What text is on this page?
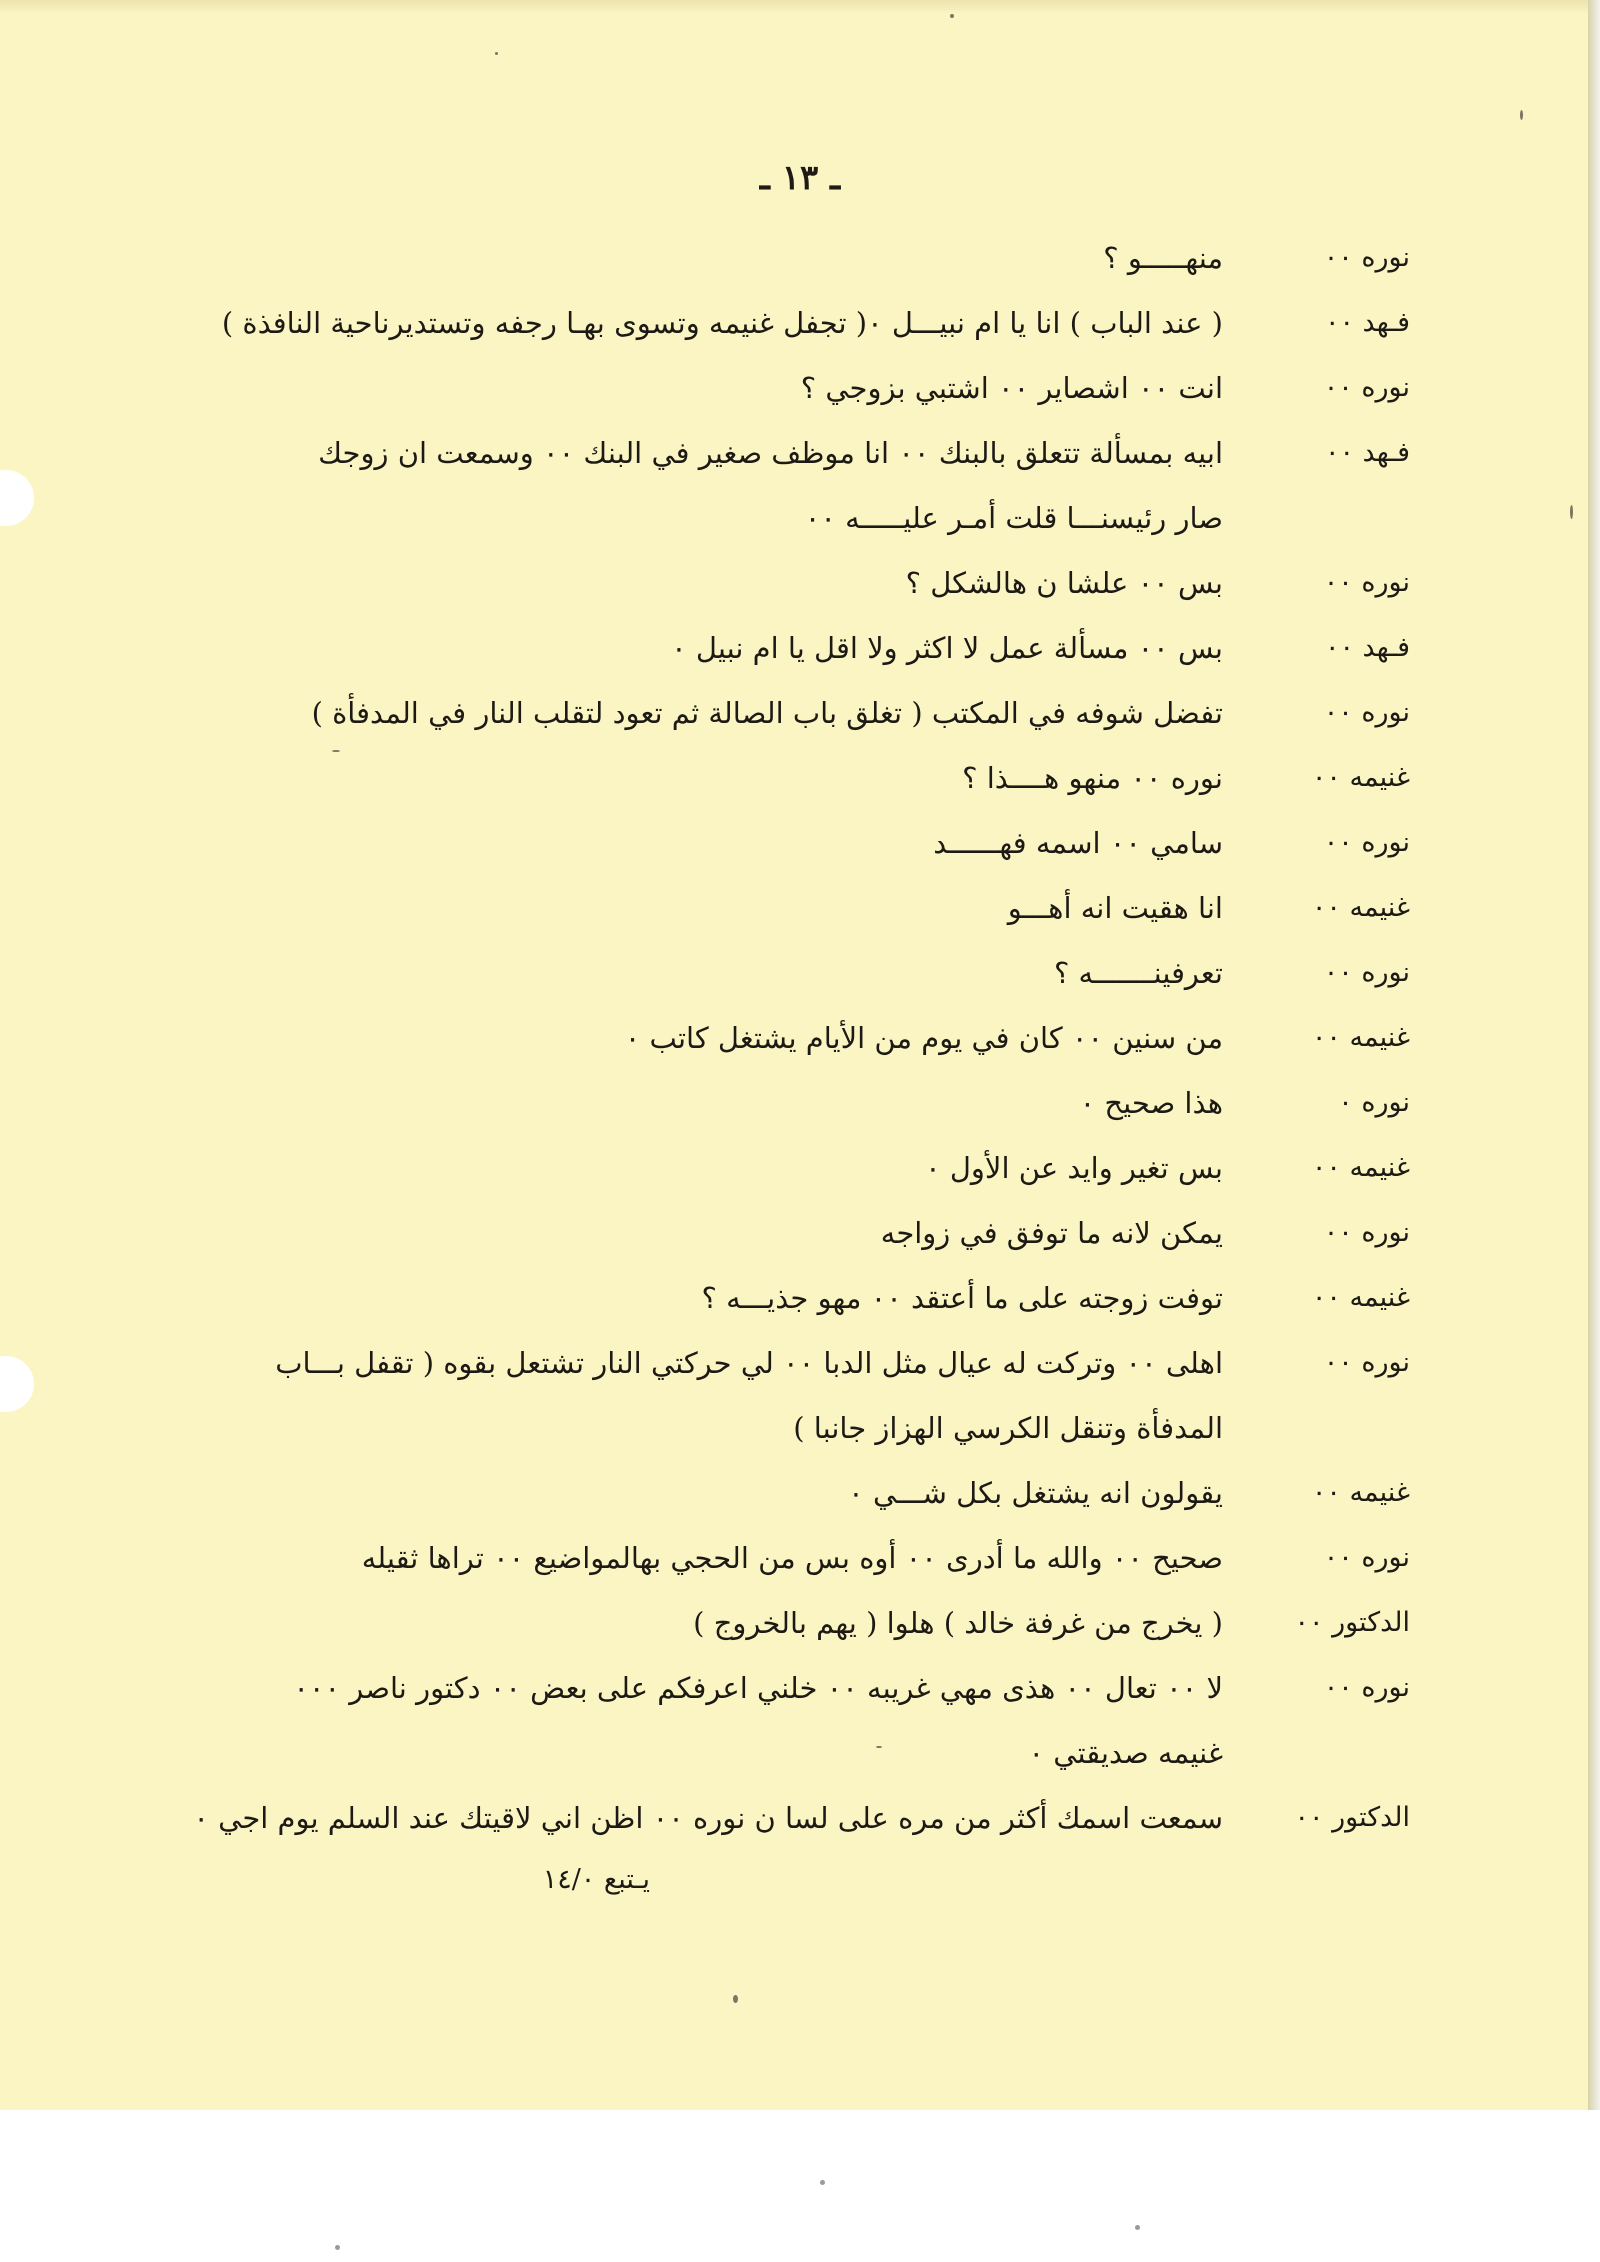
ـ ١٣ ـ
نوره ٠٠
منهـــــو ؟
فـهد ٠٠
( عند الباب ) انا يا ام نبيـــل ٠( تجفل غنيمه وتسوى بهـا رجفه وتستديرناحية النافذة )
نوره ٠٠
انت ٠٠ اشصاير ٠٠ اشتبي بزوجي ؟
فـهد ٠٠
ابيه بمسألة تتعلق بالبنك ٠٠ انا موظف صغير في البنك ٠٠ وسمعت ان زوجك
صار رئيسنـــا قلت أمـر عليـــــه ٠٠
نوره ٠٠
بس ٠٠ علشا ن هالشكل ؟
فـهد ٠٠
بس ٠٠ مسألة عمل لا اكثر ولا اقل يا ام نبيل ٠
نوره ٠٠
تفضل شوفه في المكتب ( تغلق باب الصالة ثم تعود لتقلب النار في المدفأة )
غنيمه ٠٠
نوره ٠٠ منهو هــــذا ؟
نوره ٠٠
سامي ٠٠ اسمه فهــــــد
غنيمه ٠٠
انا هقيت انه أهـــو
نوره ٠٠
تعرفينـــــــه ؟
غنيمه ٠٠
من سنين ٠٠ كان في يوم من الأيام يشتغل كاتب ٠
نوره ٠
هذا صحيح ٠
غنيمه ٠٠
بس تغير وايد عن الأول ٠
نوره ٠٠
يمكن لانه ما توفق في زواجه
غنيمه ٠٠
توفت زوجته على ما أعتقد ٠٠ مهو جذيـــه ؟
نوره ٠٠
اهلى ٠٠ وتركت له عيال مثل الدبا ٠٠ لي حركتي النار تشتعل بقوه ( تقفل بـــاب
المدفأة وتنقل الكرسي الهزاز جانبا )
غنيمه ٠٠
يقولون انه يشتغل بكل شـــي ٠
نوره ٠٠
صحيح ٠٠ والله ما أدرى ٠٠ أوه بس من الحجي بهالمواضيع ٠٠ تراها ثقيله
الدكتور ٠٠
( يخرج من غرفة خالد ) هلوا ( يهم بالخروج )
نوره ٠٠
لا ٠٠ تعال ٠٠ هذى مهي غريبه ٠٠ خلني اعرفكم على بعض ٠٠ دكتور ناصر ٠٠٠
غنيمه صديقتي ٠
الدكتور ٠٠
سمعت اسمك أكثر من مره على لسا ن نوره ٠٠ اظن اني لاقيتك عند السلم يوم اجي ٠
يـتبع ١٤/٠
